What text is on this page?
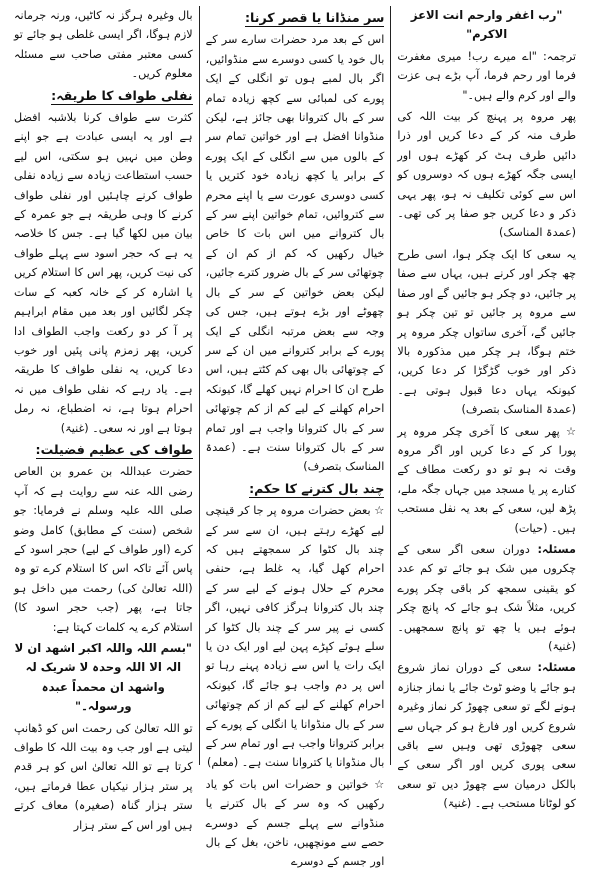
"رب اغفر وارحم انت الاعز الاکرم"

ترجمہ: "اے میرے رب! میری مغفرت فرما اور رحم فرما، آپ بڑے ہی عزت والے اور کرم والے ہیں۔"

پھر مروہ پر پہنچ کر بیت اللہ کی طرف منہ کر کے دعا کریں اور ذرا دائیں طرف ہٹ کر کھڑے ہوں اور ایسی جگہ کھڑے ہوں کہ دوسروں کو اس سے کوئی تکلیف نہ ہو، پھر یہی ذکر و دعا کریں جو صفا پر کی تھی۔ (عمدۃ المناسک)

یہ سعی کا ایک چکر ہوا، اسی طرح چھ چکر اور کرنے ہیں، یہاں سے صفا پر جائیں، دو چکر ہو جائیں گے اور صفا سے مروہ پر جائیں تو تین چکر ہو جائیں گے، آخری ساتواں چکر مروہ پر ختم ہوگا، ہر چکر میں مذکورہ بالا ذکر اور خوب گڑگڑا کر دعا کریں، کیونکہ یہاں دعا قبول ہوتی ہے۔ (عمدۃ المناسک بتصرف)

☆ پھر سعی کا آخری چکر مروہ پر پورا کر کے دعا کریں اور اگر مروہ وقت نہ ہو تو دو رکعت مطاف کے کنارے پر یا مسجد میں جہاں جگہ ملے، پڑھ لیں، سعی کے بعد یہ نفل مستحب ہیں۔ (حیات)

مسئلہ: دوران سعی اگر سعی کے چکروں میں شک ہو جائے تو کم عدد کو یقینی سمجھ کر باقی چکر پورے کریں، مثلاً شک ہو جائے کہ پانچ چکر ہوئے ہیں یا چھ تو پانچ سمجھیں۔ (غنیۃ)

مسئلہ: سعی کے دوران نماز شروع ہو جائے یا وضو ٹوٹ جائے یا نماز جنازہ ہونے لگے تو سعی چھوڑ کر نماز وغیرہ شروع کریں اور فارغ ہو کر جہاں سے سعی چھوڑی تھی وہیں سے باقی سعی پوری کریں اور اگر سعی کے بالکل درمیان سے چھوڑ دیں تو سعی کو لوٹانا مستحب ہے۔ (غنیۃ)

سر منڈانا یا قصر کرنا:

اس کے بعد مرد حضرات سارے سر کے بال خود یا کسی دوسرے سے منڈوائیں، اگر بال لمبے ہوں تو انگلی کے ایک پورے کی لمبائی سے کچھ زیادہ تمام سر کے بال کتروانا بھی جائز ہے، لیکن منڈوانا افضل ہے اور خواتین تمام سر کے بالوں میں سے انگلی کے ایک پورے کے برابر یا کچھ زیادہ خود کتریں یا کسی دوسری عورت سے یا اپنے محرم سے کتروائیں، تمام خواتین اپنے سر کے بال کتروانے میں اس بات کا خاص خیال رکھیں کہ کم از کم ان کے چوتھائی سر کے بال ضرور کترے جائیں، لیکن بعض خواتین کے سر کے بال چھوٹے اور بڑے ہوتے ہیں، جس کی وجہ سے بعض مرتبہ انگلی کے ایک پورے کے برابر کتروانے میں ان کے سر کے چوتھائی بال بھی کم کٹتے ہیں، اس طرح ان کا احرام نہیں کھلے گا، کیونکہ احرام کھلنے کے لیے کم از کم چوتھائی سر کے بال کتروانا واجب ہے اور تمام سر کے بال کتروانا سنت ہے۔ (عمدۃ المناسک بتصرف)

چند بال کترنے کا حکم:

☆ بعض حضرات مروہ پر جا کر قینچی لیے کھڑے رہتے ہیں، ان سے سر کے چند بال کٹوا کر سمجھتے ہیں کہ احرام کھل گیا، یہ غلط ہے، حنفی محرم کے حلال ہونے کے لیے سر کے چند بال کتروانا ہرگز کافی نہیں، اگر کسی نے پیر سر کے چند بال کٹوا کر سلے ہوئے کپڑے پہن لیے اور ایک دن یا ایک رات یا اس سے زیادہ پہنے رہا تو اس پر دم واجب ہو جائے گا، کیونکہ احرام کھلنے کے لیے کم از کم چوتھائی سر کے بال منڈوانا یا انگلی کے پورے کے برابر کتروانا واجب ہے اور تمام سر کے بال منڈوانا یا کتروانا سنت ہے۔ (معلم)

☆ خواتین و حضرات اس بات کو یاد رکھیں کہ وہ سر کے بال کترنے یا منڈوانے سے پہلے جسم کے دوسرے حصے سے مونچھیں، ناخن، بغل کے بال اور جسم کے دوسرے

بال وغیرہ ہرگز نہ کاٹیں، ورنہ جرمانہ لازم ہوگا، اگر ایسی غلطی ہو جائے تو کسی معتبر مفتی صاحب سے مسئلہ معلوم کریں۔

نفلی طواف کا طریقہ:

کثرت سے طواف کرنا بلاشبہ افضل ہے اور یہ ایسی عبادت ہے جو اپنے وطن میں نہیں ہو سکتی، اس لیے حسب استطاعت زیادہ سے زیادہ نفلی طواف کرنے چاہئیں اور نفلی طواف کرنے کا وہی طریقہ ہے جو عمرہ کے بیان میں لکھا گیا ہے۔ جس کا خلاصہ یہ ہے کہ حجر اسود سے پہلے طواف کی نیت کریں، پھر اس کا استلام کریں یا اشارہ کر کے خانہ کعبہ کے سات چکر لگائیں اور بعد میں مقام ابراہیم پر آ کر دو رکعت واجب الطواف ادا کریں، پھر زمزم پانی پئیں اور خوب دعا کریں، یہ نفلی طواف کا طریقہ ہے۔ یاد رہے کہ نفلی طواف میں نہ احرام ہوتا ہے، نہ اضطباع، نہ رمل ہوتا ہے اور نہ سعی۔ (غنیۃ)

طواف کی عظیم فضیلت:

حضرت عبداللہ بن عمرو بن العاص رضی اللہ عنہ سے روایت ہے کہ آپ صلی اللہ علیہ وسلم نے فرمایا: جو شخص (سنت کے مطابق) کامل وضو کرے (اور طواف کے لیے) حجر اسود کے پاس آئے تاکہ اس کا استلام کرے تو وہ (اللہ تعالیٰ کی) رحمت میں داخل ہو جاتا ہے، پھر (جب حجر اسود کا) استلام کرے یہ کلمات کہتا ہے:

"بسم اللہ واللہ اکبر اشھد ان لا الہ الا اللہ وحدہ لا شریک لہ واشھد ان محمداً عبدہ ورسولہ۔"

تو اللہ تعالیٰ کی رحمت اس کو ڈھانپ لیتی ہے اور جب وہ بیت اللہ کا طواف کرتا ہے تو اللہ تعالیٰ اس کو ہر قدم پر ستر ہزار نیکیاں عطا فرماتے ہیں، ستر ہزار گناہ (صغیرہ) معاف کرتے ہیں اور اس کے ستر ہزار
